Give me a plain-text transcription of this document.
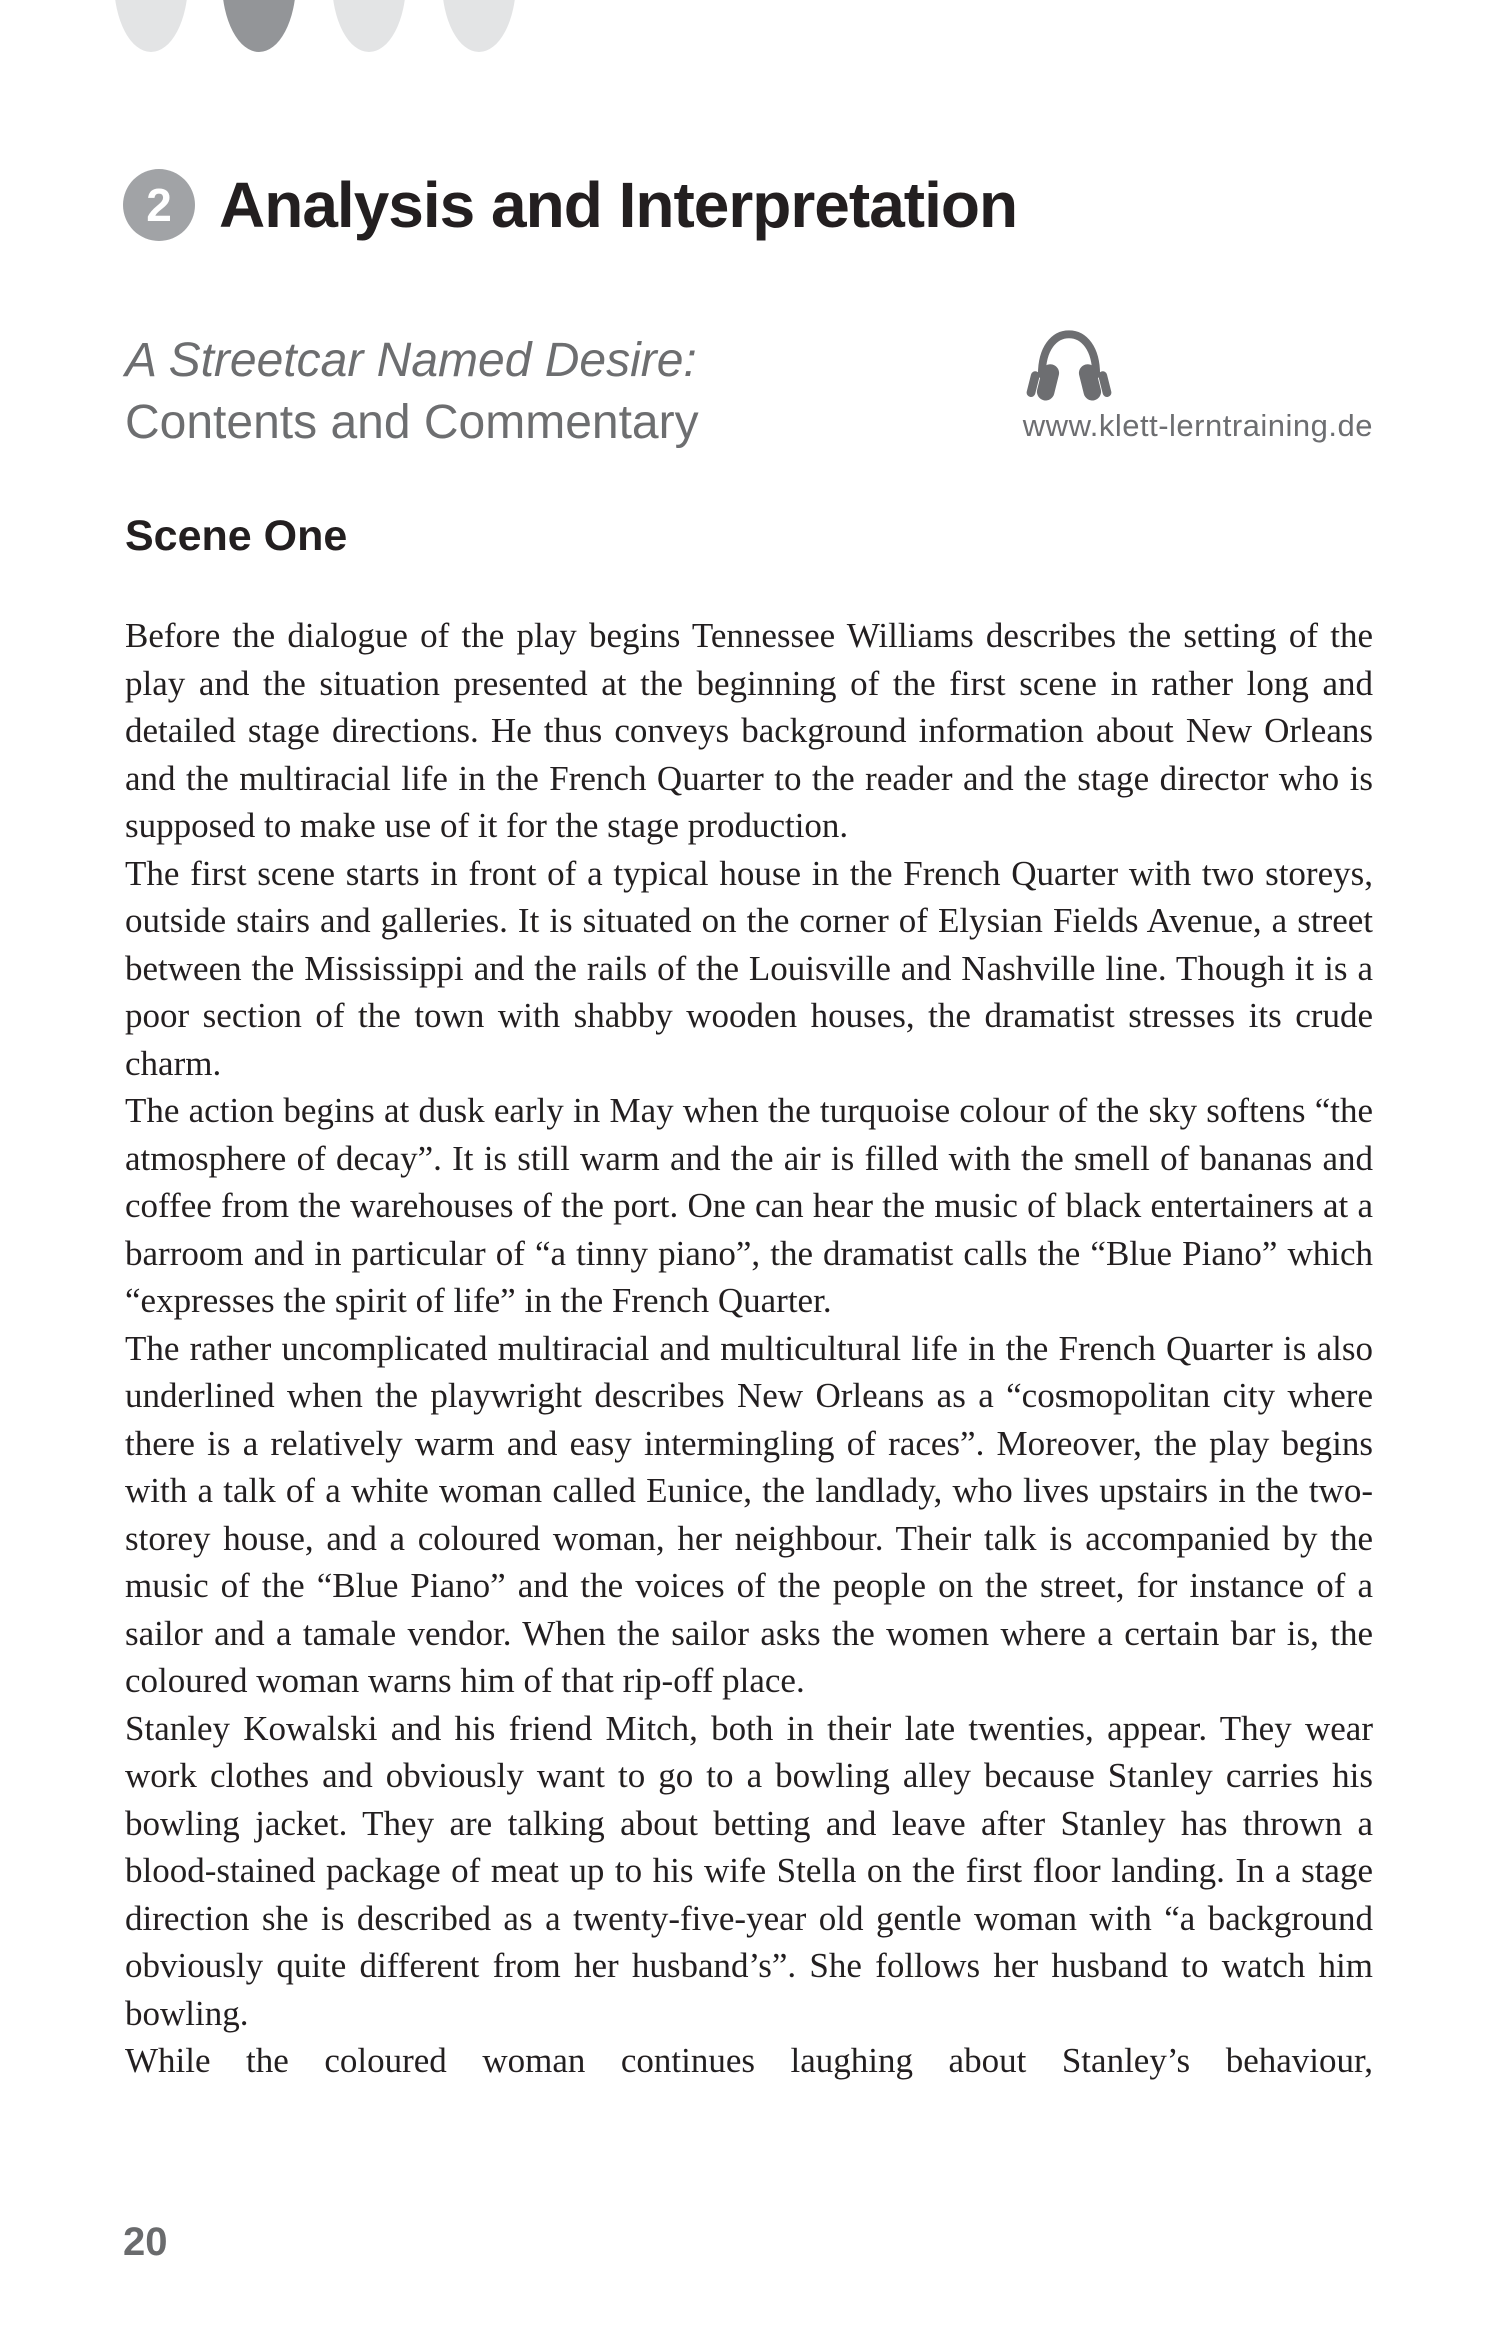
2 Analysis and Interpretation
A Streetcar Named Desire:
Contents and Commentary	www.klett-lerntraining.de
Scene One

Before the dialogue of the play begins Tennessee Williams describes the setting of the play and the situation presented at the beginning of the first scene in rather long and detailed stage directions. He thus conveys background information about New Orleans and the multiracial life in the French Quarter to the reader and the stage director who is supposed to make use of it for the stage production.

The first scene starts in front of a typical house in the French Quarter with two storeys, outside stairs and galleries. It is situated on the corner of Elysian Fields Avenue, a street between the Mississippi and the rails of the Louisville and Nashville line. Though it is a poor section of the town with shabby wooden houses, the dramatist stresses its crude charm.

The action begins at dusk early in May when the turquoise colour of the sky softens “the atmosphere of decay”. It is still warm and the air is filled with the smell of bananas and coffee from the warehouses of the port. One can hear the music of black entertainers at a barroom and in particular of “a tinny piano”, the dramatist calls the “Blue Piano” which “expresses the spirit of life” in the French Quarter.

The rather uncomplicated multiracial and multicultural life in the French Quarter is also underlined when the playwright describes New Orleans as a “cosmopolitan city where there is a relatively warm and easy intermingling of races”. Moreover, the play begins with a talk of a white woman called Eunice, the landlady, who lives upstairs in the two-storey house, and a coloured woman, her neighbour. Their talk is accompanied by the music of the “Blue Piano” and the voices of the people on the street, for instance of a sailor and a tamale vendor. When the sailor asks the women where a certain bar is, the coloured woman warns him of that rip-off place.

Stanley Kowalski and his friend Mitch, both in their late twenties, appear. They wear work clothes and obviously want to go to a bowling alley because Stanley carries his bowling jacket. They are talking about betting and leave after Stanley has thrown a blood-stained package of meat up to his wife Stella on the first floor landing. In a stage direction she is described as a twenty-five-year old gentle woman with “a background obviously quite different from her husband’s”. She follows her husband to watch him bowling.

While the coloured woman continues laughing about Stanley’s behaviour,

20
